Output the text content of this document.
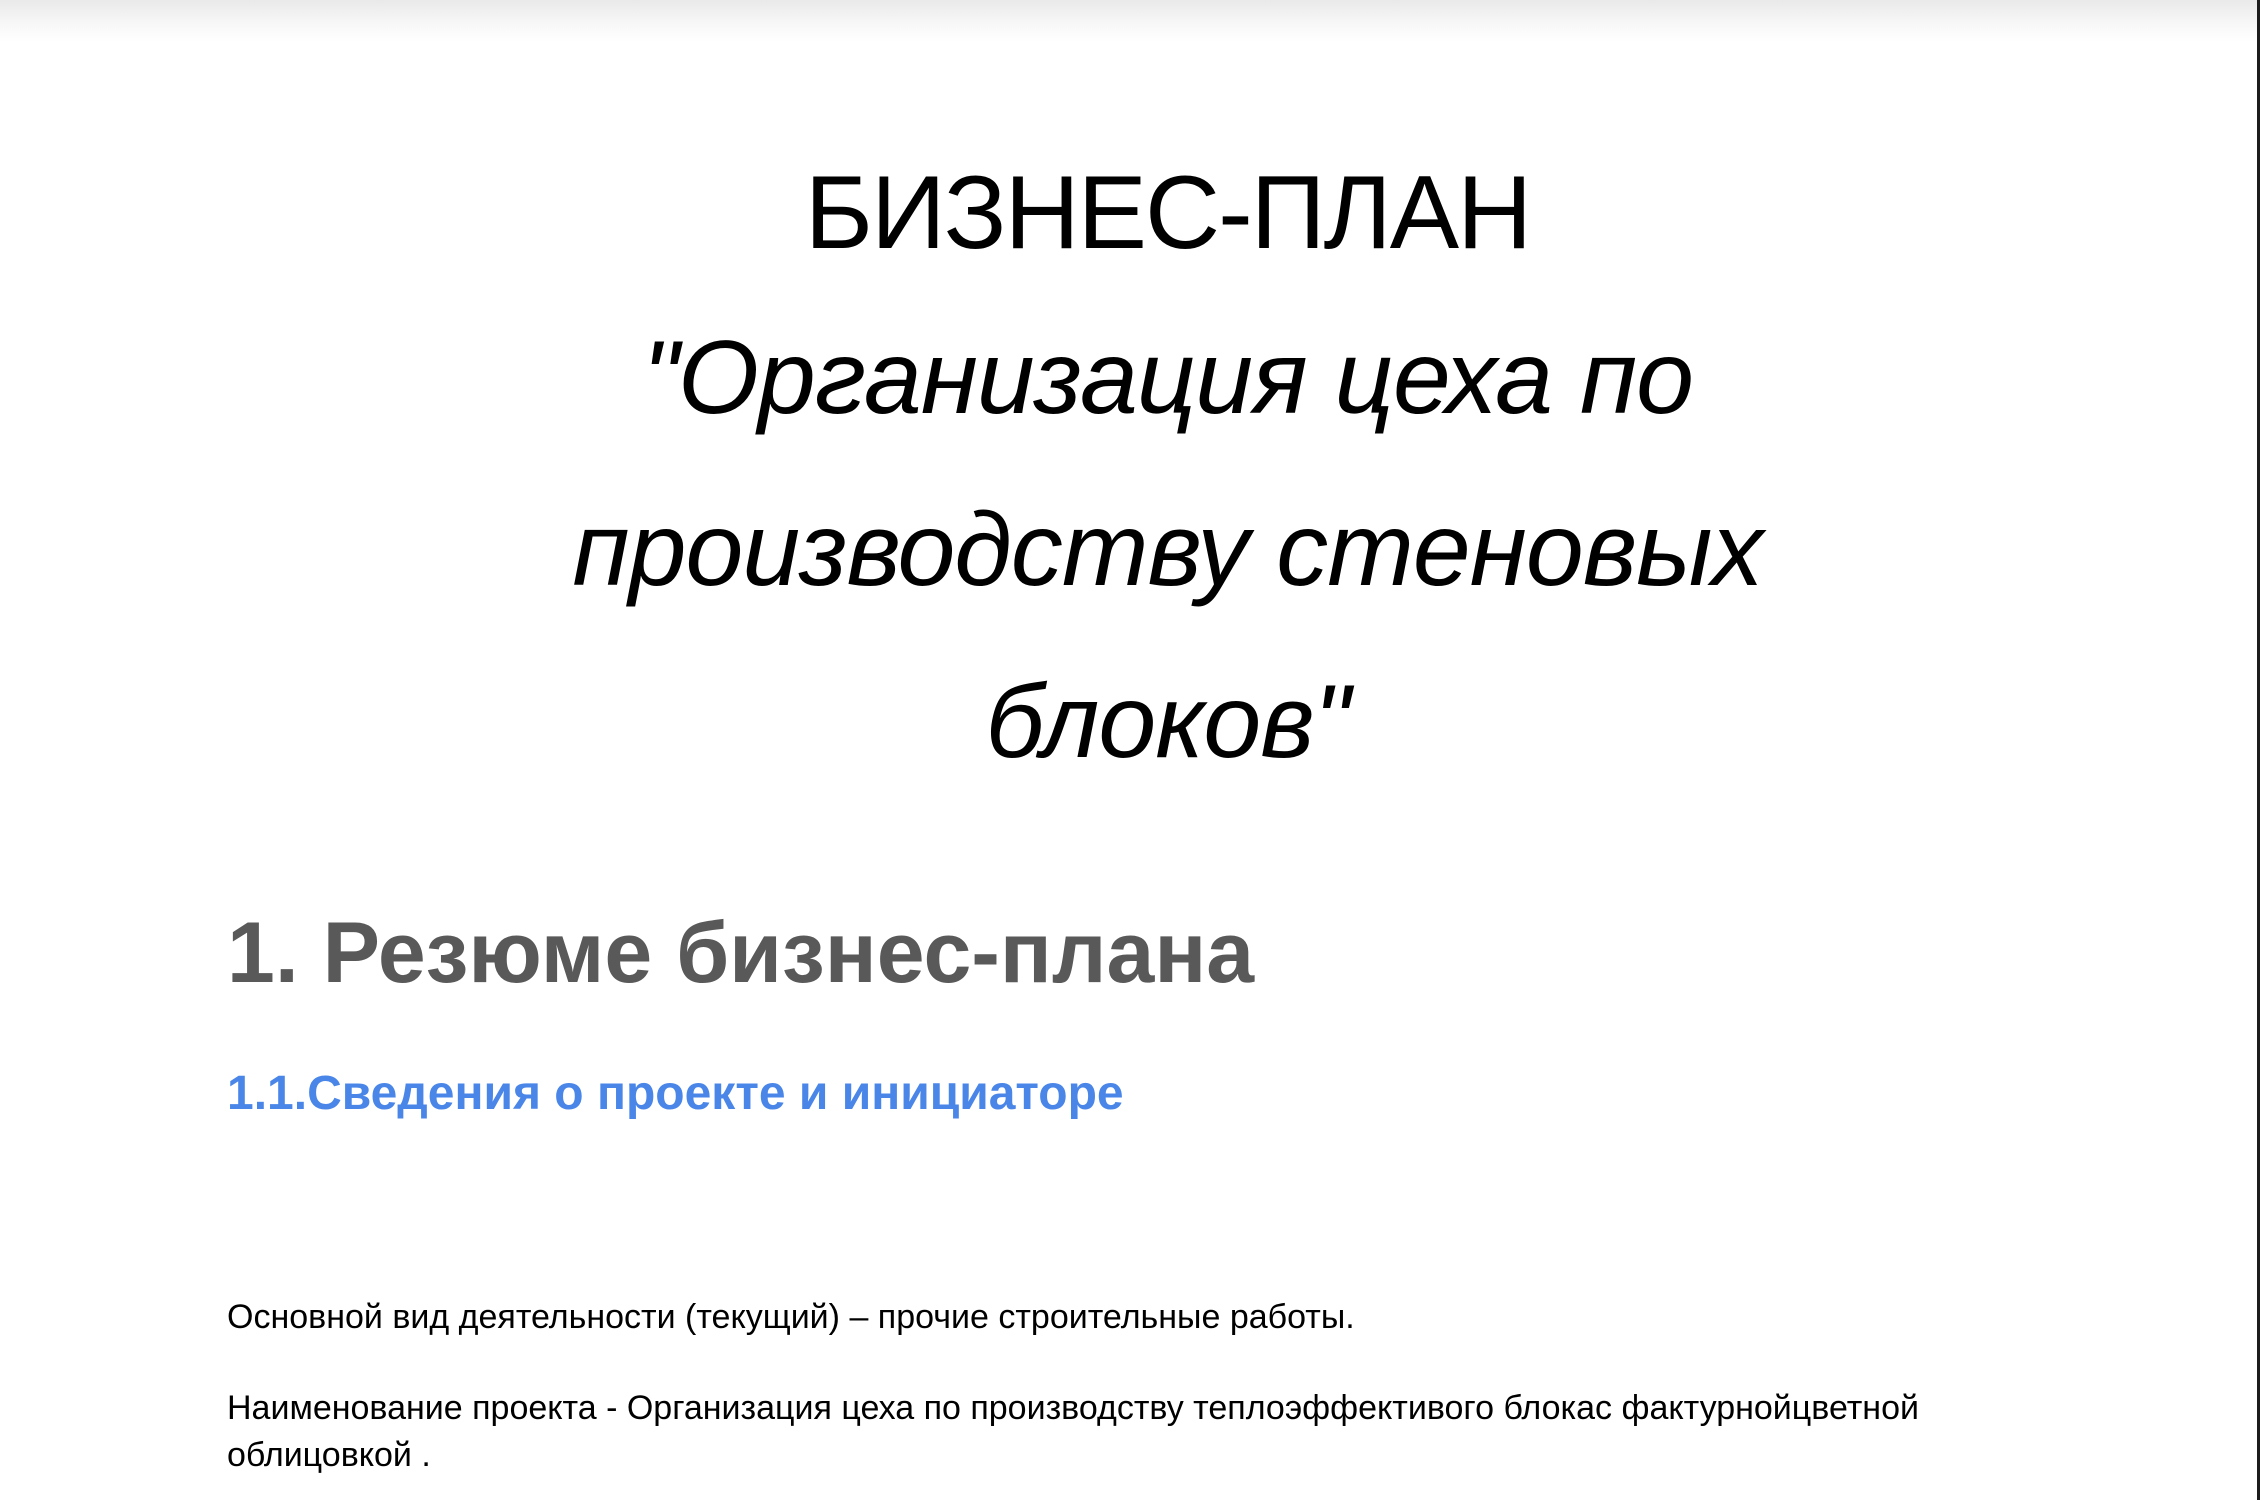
БИЗНЕС-ПЛАН
"Организация цеха по
производству стеновых
блоков"
1. Резюме бизнес-плана
1.1.Сведения о проекте и инициаторе

Основной вид деятельности (текущий) – прочие строительные работы.

Наименование проекта - Организация цеха по производству теплоэффективого блокас фактурнойцветной облицовкой .
